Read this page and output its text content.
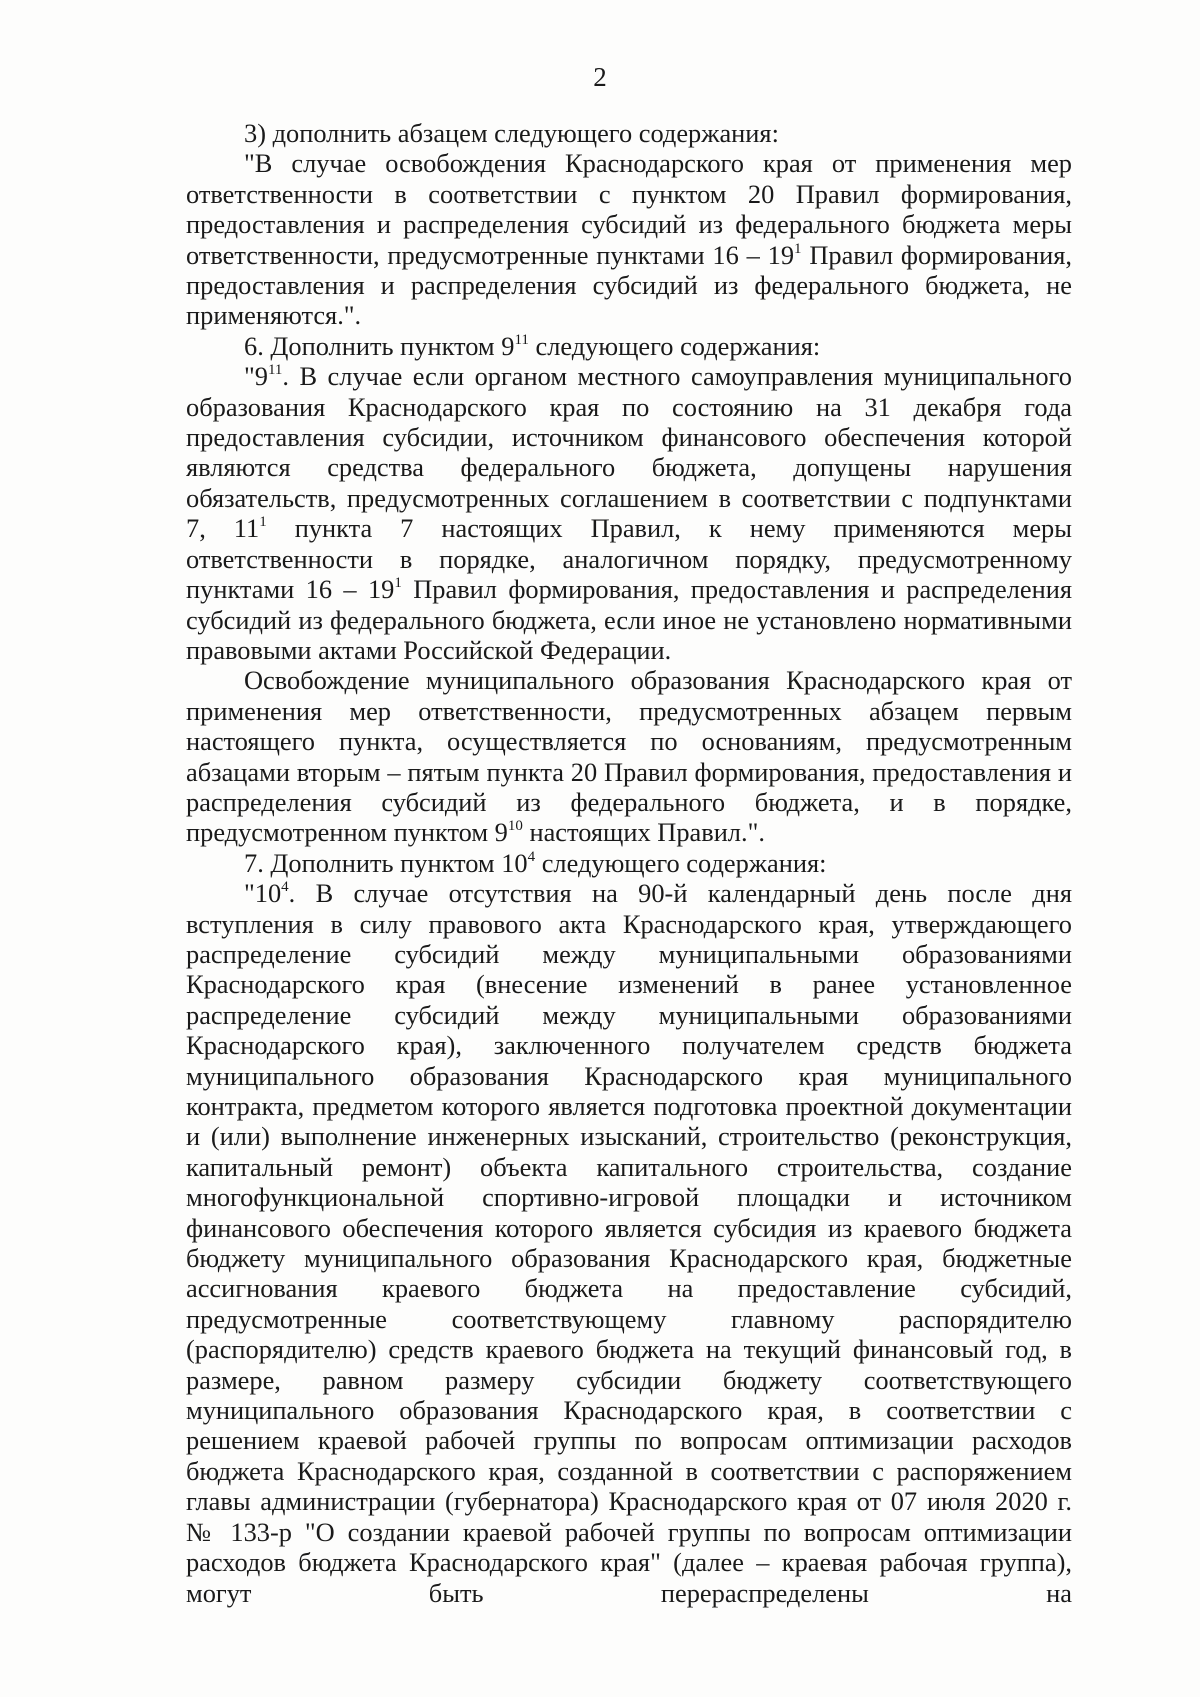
2

3) дополнить абзацем следующего содержания:

"В случае освобождения Краснодарского края от применения мер ответственности в соответствии с пунктом 20 Правил формирования, предоставления и распределения субсидий из федерального бюджета меры ответственности, предусмотренные пунктами $16 - 19^1$ Правил формирования, предоставления и распределения субсидий из федерального бюджета, не применяются.".

6. Дополнить пунктом $9^{11}$ следующего содержания:

"$9^{11}$. В случае если органом местного самоуправления муниципального образования Краснодарского края по состоянию на 31 декабря года предоставления субсидии, источником финансового обеспечения которой являются средства федерального бюджета, допущены нарушения обязательств, предусмотренных соглашением в соответствии с подпунктами 7, $11^1$ пункта 7 настоящих Правил, к нему применяются меры ответственности в порядке, аналогичном порядку, предусмотренному пунктами $16 - 19^1$ Правил формирования, предоставления и распределения субсидий из федерального бюджета, если иное не установлено нормативными правовыми актами Российской Федерации.

Освобождение муниципального образования Краснодарского края от применения мер ответственности, предусмотренных абзацем первым настоящего пункта, осуществляется по основаниям, предусмотренным абзацами вторым – пятым пункта 20 Правил формирования, предоставления и распределения субсидий из федерального бюджета, и в порядке, предусмотренном пунктом $9^{10}$ настоящих Правил.".

7. Дополнить пунктом $10^4$ следующего содержания:

"$10^4$. В случае отсутствия на 90-й календарный день после дня вступления в силу правового акта Краснодарского края, утверждающего распределение субсидий между муниципальными образованиями Краснодарского края (внесение изменений в ранее установленное распределение субсидий между муниципальными образованиями Краснодарского края), заключенного получателем средств бюджета муниципального образования Краснодарского края муниципального контракта, предметом которого является подготовка проектной документации и (или) выполнение инженерных изысканий, строительство (реконструкция, капитальный ремонт) объекта капитального строительства, создание многофункциональной спортивно-игровой площадки и источником финансового обеспечения которого является субсидия из краевого бюджета бюджету муниципального образования Краснодарского края, бюджетные ассигнования краевого бюджета на предоставление субсидий, предусмотренные соответствующему главному распорядителю (распорядителю) средств краевого бюджета на текущий финансовый год, в размере, равном размеру субсидии бюджету соответствующего муниципального образования Краснодарского края, в соответствии с решением краевой рабочей группы по вопросам оптимизации расходов бюджета Краснодарского края, созданной в соответствии с распоряжением главы администрации (губернатора) Краснодарского края от 07 июля 2020 г. № 133-р "О создании краевой рабочей группы по вопросам оптимизации расходов бюджета Краснодарского края" (далее – краевая рабочая группа), могут быть перераспределены на
